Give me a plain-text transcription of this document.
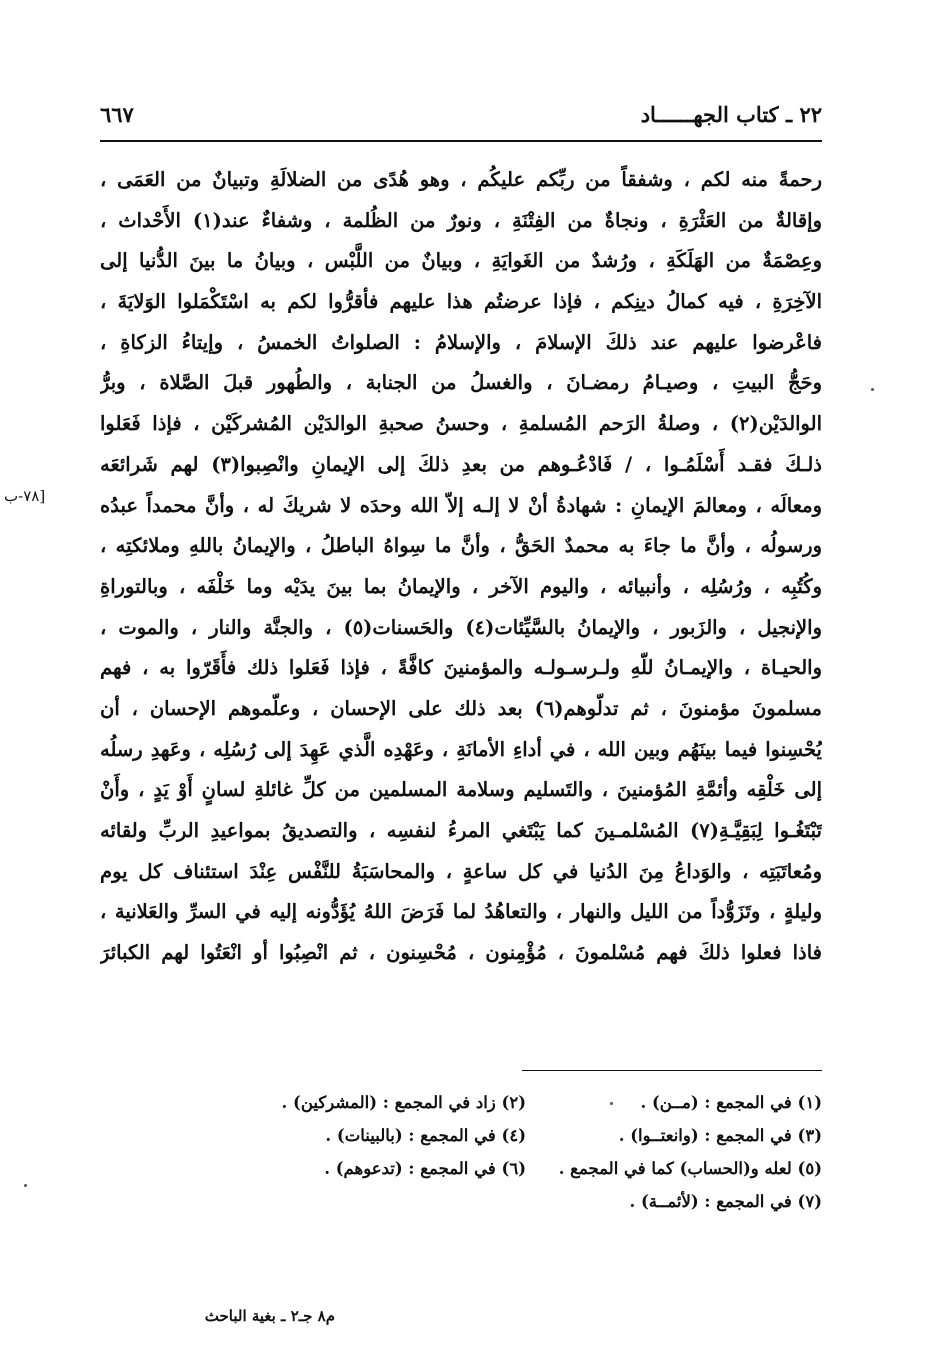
٢٢ ـ كتاب الجهــــــاد
٦٦٧
رحمةً منه لكم ، وشفقاً من ربِّكم عليكُم ، وهو هُدًى من الضلالَةِ وتبيانٌ من العَمَى ،
وإقالةٌ من العَثْرَةِ ، ونجاةٌ من الفِتْنَةِ ، ونورٌ من الظُلمة ، وشفاءٌ عند(١) الأَحْداث ،
وعِصْمَةٌ من الهَلَكَةِ ، ورُشدٌ من الغَوايَةِ ، وبيانٌ من اللَّبْس ، وبيانُ ما بينَ الدُّنيا إلى
الآخِرَةِ ، فيه كمالُ دينِكم ، فإذا عرضتُم هذا عليهم فأقرُّوا لكم به اسْتَكْمَلوا الوَلايَةَ ،
فاعْرضوا عليهم عند ذلكَ الإسلامَ ، والإسلامُ : الصلواتُ الخمسُ ، وإيتاءُ الزكاةِ ،
وحَجُّ البيتِ ، وصيـامُ رمضـانَ ، والغسلُ من الجنابة ، والطُهور قبلَ الصَّلاة ، وبرُّ
الوالدَيْن(٢) ، وصلةُ الرَحم المُسلمةِ ، وحسنُ صحبةِ الوالدَيْن المُشركَيْن ، فإذا فَعَلوا
ذلـكَ فقـد أَسْلَمُـوا ، / فَادْعُـوهم من بعدِ ذلكَ إلى الإيمانِ وانْصِبوا(٣) لهم شَرائعَه
ومعالَه ، ومعالمَ الإيمانِ : شهادةُ أنْ لا إلـه إلاّ الله وحدَه لا شريكَ له ، وأنَّ محمداً عبدُه
ورسولُه ، وأنَّ ما جاءَ به محمدٌ الحَقُّ ، وأنَّ ما سِواهُ الباطلُ ، والإيمانُ باللهِ وملائكتِه ،
وكُتُبِه ، ورُسُلِه ، وأنبيائه ، واليوم الآخر ، والإيمانُ بما بينَ يدَيْه وما خَلْفَه ، وبالتوراةِ
والإنجيل ، والزَبور ، والإيمانُ بالسَّيِّئات(٤) والحَسنات(٥) ، والجنَّة والنار ، والموت ،
والحيـاة ، والإيمـانُ للّهِ ولـرسـولـه والمؤمنينَ كافَّةً ، فإذا فَعَلوا ذلك فأَقَرّوا به ، فهم
مسلمونَ مؤمنونَ ، ثم تدلّوهم(٦) بعد ذلك على الإحسان ، وعلّموهم الإحسان ، أن
يُحْسِنوا فيما بينَهُم وبين الله ، في أداءِ الأمانَةِ ، وعَهْدِه الَّذي عَهِدَ إلى رُسُلِه ، وعَهدِ رسلُه
إلى خَلْقِه وأئمَّةِ المُؤمنينَ ، والتَسليم وسلامة المسلمين من كلِّ غائلةِ لسانٍ أَوْ يَدٍ ، وأَنْ
تَبْتَغُـوا لِبَقِيَّـةِ(٧) المُسْلمـينَ كما يَبْتَغي المرءُ لنفسِه ، والتصديقُ بمواعيدِ الربِّ ولقائه
ومُعاتَبَتِه ، والوَداعُ مِنَ الدُنيا في كل ساعةٍ ، والمحاسَبَةُ للنَّفْس عِنْدَ استئناف كل يوم
وليلةٍ ، وتَزَوُّداً من الليل والنهار ، والتعاهُدُ لما فَرَضَ اللهُ يُؤَدُّونه إليه في السرِّ والعَلانية ،
فاذا فعلوا ذلكَ فهم مُسْلمونَ ، مُؤْمِنون ، مُحْسِنون ، ثم انْصِبُوا أو انْعَتُوا لهم الكبائرَ
[٧٨-ب
(١) في المجمع : (مــن) .
(٢) زاد في المجمع : (المشركين) .
(٣) في المجمع : (وانعتــوا) .
(٤) في المجمع : (بالبينات) .
(٥) لعله و(الحساب) كما في المجمع .
(٦) في المجمع : (تدعوهم) .
(٧) في المجمع : (لأئمــة) .
م٨ جـ٢ ـ بغية الباحث
